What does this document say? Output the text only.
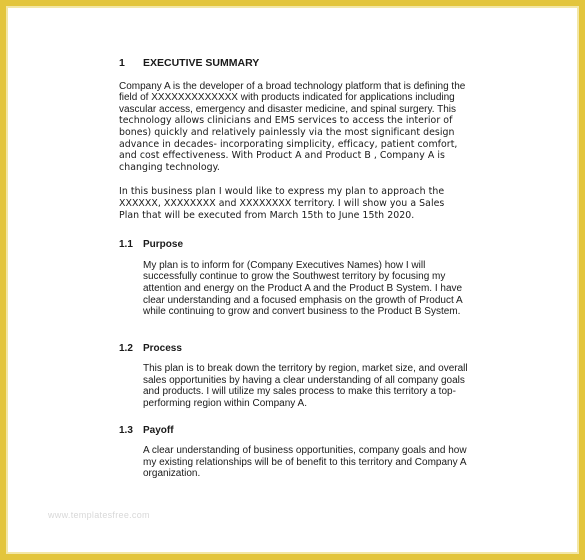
1	EXECUTIVE SUMMARY
Company A is the developer of a broad technology platform that is defining the
field of XXXXXXXXXXXXX with products indicated for applications including
vascular access, emergency and disaster medicine, and spinal surgery. This
technology allows clinicians and EMS services to access the interior of
bones) quickly and relatively painlessly via the most significant design
advance in decades- incorporating simplicity, efficacy, patient comfort,
and cost effectiveness. With Product A and Product B , Company A is
changing technology.
In this business plan I would like to express my plan to approach the
XXXXXX, XXXXXXXX and XXXXXXXX territory. I will show you a Sales
Plan that will be executed from March 15th to June 15th 2020.
1.1	Purpose
My plan is to inform for (Company Executives Names) how I will
successfully continue to grow the Southwest territory by focusing my
attention and energy on the Product A and the Product B System. I have
clear understanding and a focused emphasis on the growth of Product A
while continuing to grow and convert business to the Product B System.
1.2	Process
This plan is to break down the territory by region, market size, and overall
sales opportunities by having a clear understanding of all company goals
and products. I will utilize my sales process to make this territory a top-
performing region within Company A.
1.3	Payoff
A clear understanding of business opportunities, company goals and how
my existing relationships will be of benefit to this territory and Company A
organization.
www.templatesfree.com
